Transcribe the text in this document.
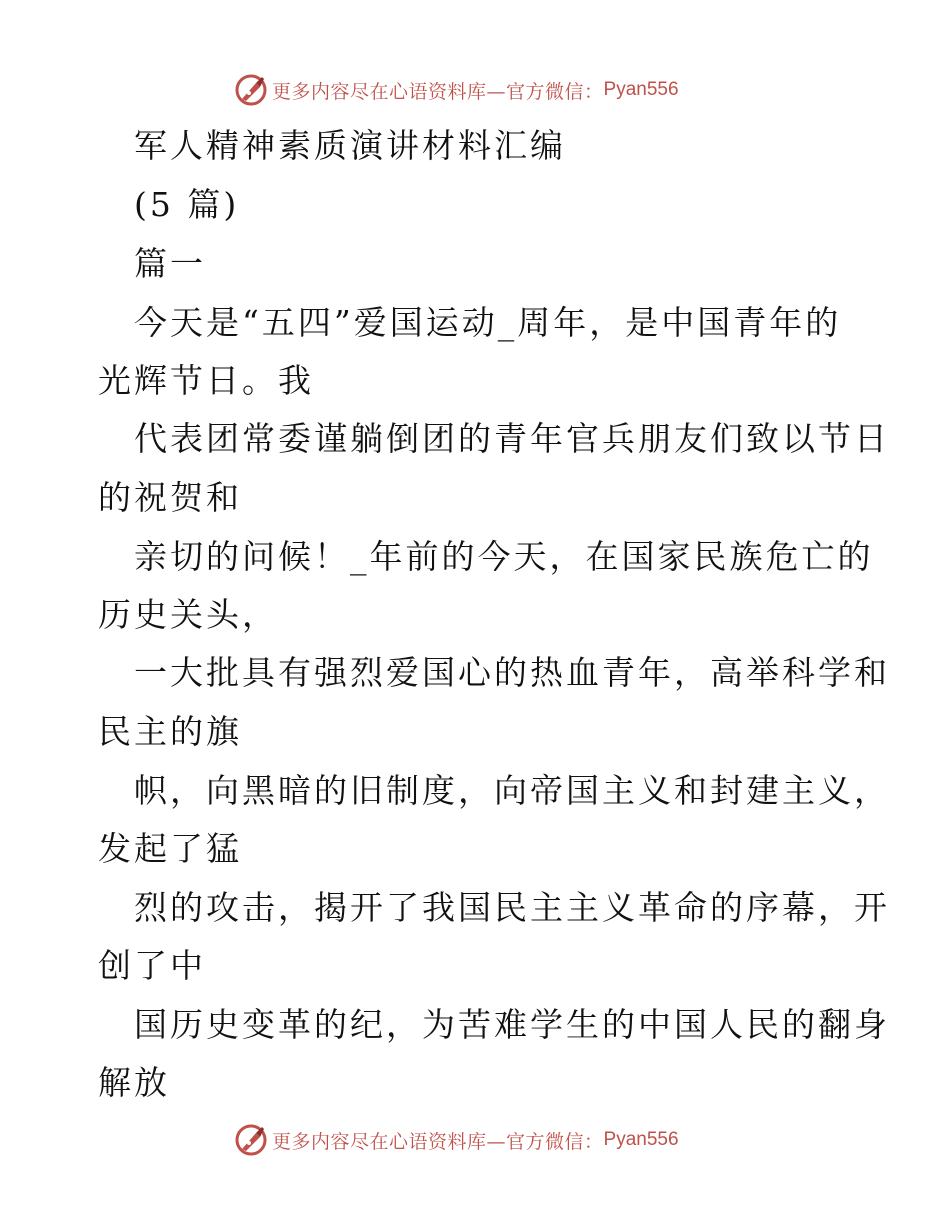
更多内容尽在心语资料库—官方微信： Pyan556
军人精神素质演讲材料汇编
(5 篇)
篇一
今天是“五四”爱国运动_周年，是中国青年的
光辉节日。我
代表团常委谨躺倒团的青年官兵朋友们致以节日
的祝贺和
亲切的问候！_年前的今天，在国家民族危亡的
历史关头，
一大批具有强烈爱国心的热血青年，高举科学和
民主的旗
帜，向黑暗的旧制度，向帝国主义和封建主义，
发起了猛
烈的攻击，揭开了我国民主主义革命的序幕，开
创了中
国历史变革的纪，为苦难学生的中国人民的翻身
解放
更多内容尽在心语资料库—官方微信： Pyan556
